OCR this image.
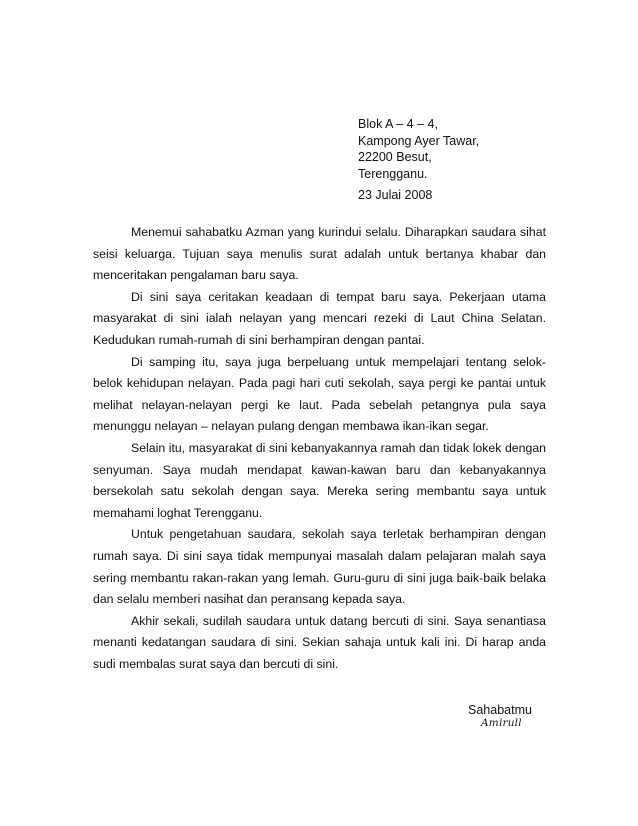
Blok A – 4 – 4,
Kampong Ayer Tawar,
22200 Besut,
Terengganu.
23 Julai 2008

Menemui sahabatku Azman yang kurindui selalu. Diharapkan saudara sihat seisi keluarga. Tujuan saya menulis surat adalah untuk bertanya khabar dan menceritakan pengalaman baru saya.

Di sini saya ceritakan keadaan di tempat baru saya. Pekerjaan utama masyarakat di sini ialah nelayan yang mencari rezeki di Laut China Selatan. Kedudukan rumah-rumah di sini berhampiran dengan pantai.

Di samping itu, saya juga berpeluang untuk mempelajari tentang selok-belok kehidupan nelayan. Pada pagi hari cuti sekolah, saya pergi ke pantai untuk melihat nelayan-nelayan pergi ke laut. Pada sebelah petangnya pula saya menunggu nelayan – nelayan pulang dengan membawa ikan-ikan segar.

Selain itu, masyarakat di sini kebanyakannya ramah dan tidak lokek dengan senyuman. Saya mudah mendapat kawan-kawan baru dan kebanyakannya bersekolah satu sekolah dengan saya. Mereka sering membantu saya untuk memahami loghat Terengganu.

Untuk pengetahuan saudara, sekolah saya terletak berhampiran dengan rumah saya. Di sini saya tidak mempunyai masalah dalam pelajaran malah saya sering membantu rakan-rakan yang lemah. Guru-guru di sini juga baik-baik belaka dan selalu memberi nasihat dan peransang kepada saya.

Akhir sekali, sudilah saudara untuk datang bercuti di sini. Saya senantiasa menanti kedatangan saudara di sini. Sekian sahaja untuk kali ini. Di harap anda sudi membalas surat saya dan bercuti di sini.

Sahabatmu
Amirull
